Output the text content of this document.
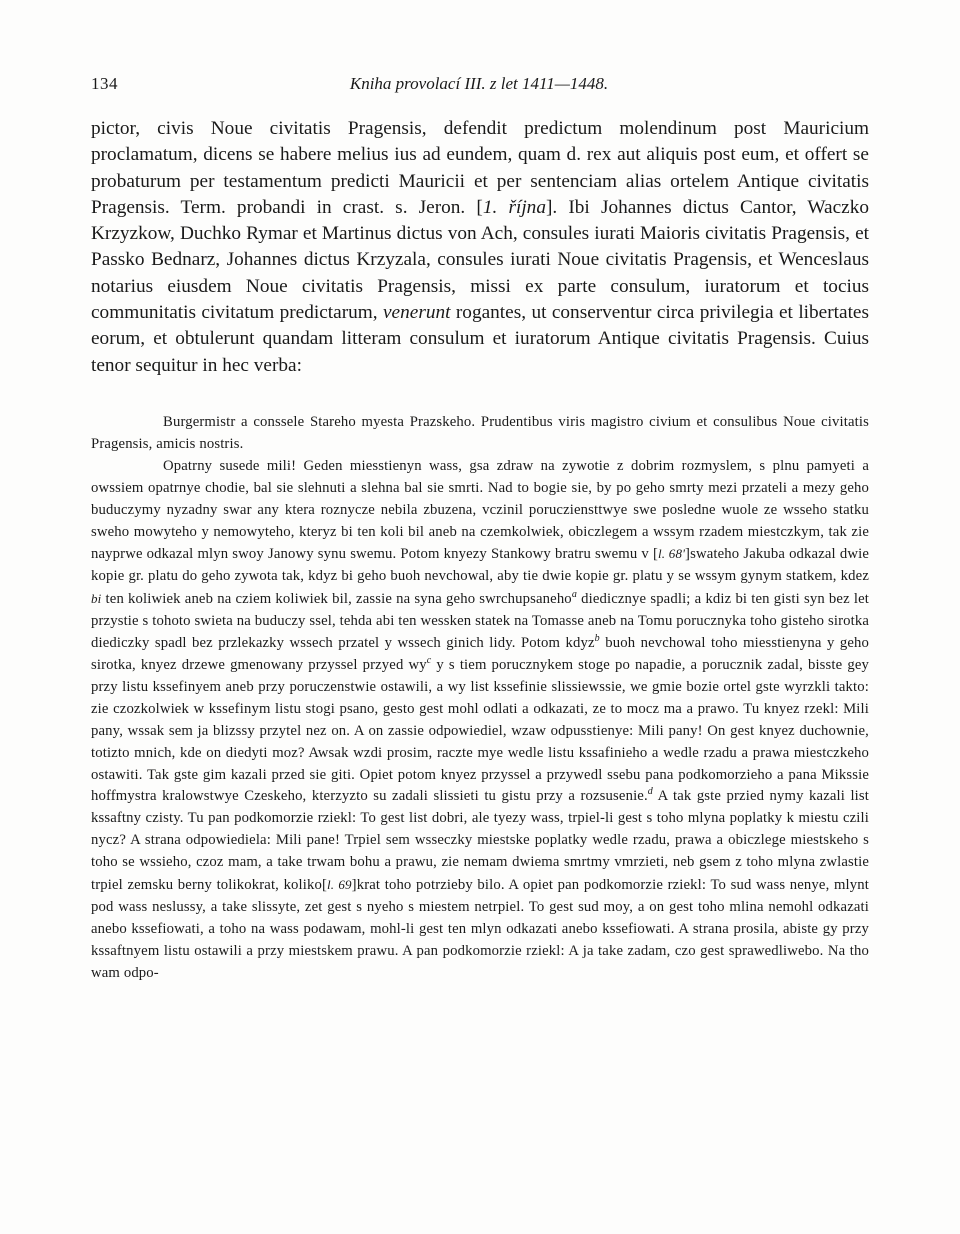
134	Kniha provolací III. z let 1411—1448.

pictor, civis Noue civitatis Pragensis, defendit predictum molendinum post Mauricium proclamatum, dicens se habere melius ius ad eundem, quam d. rex aut aliquis post eum, et offert se probaturum per testamentum predicti Mauricii et per sentenciam alias ortelem Antique civitatis Pragensis. Term. probandi in crast. s. Jeron. [1. října]. Ibi Johannes dictus Cantor, Waczko Krzyzkow, Duchko Rymar et Martinus dictus von Ach, consules iurati Maioris civitatis Pragensis, et Passko Bednarz, Johannes dictus Krzyzala, consules iurati Noue civitatis Pragensis, et Wenceslaus notarius eiusdem Noue civitatis Pragensis, missi ex parte consulum, iuratorum et tocius communitatis civitatum predictarum, venerunt rogantes, ut conserventur circa privilegia et libertates eorum, et obtulerunt quandam litteram consulum et iuratorum Antique civitatis Pragensis. Cuius tenor sequitur in hec verba:

Burgermistr a conssele Stareho myesta Prazskeho. Prudentibus viris magistro civium et consulibus Noue civitatis Pragensis, amicis nostris.

Opatrny susede mili! Geden miesstienyn wass, gsa zdraw na zywotie z dobrim rozmyslem, s plnu pamyeti a owssiem opatrnye chodie, bal sie slehnuti a slehna bal sie smrti. Nad to bogie sie, by po geho smrty mezi przateli a mezy geho buduczymy nyzadny swar any ktera roznycze nebila zbuzena, vczinil porucziensttwye swe posledne wuole ze wsseho statku sweho mowyteho y nemowyteho, kteryz bi ten koli bil aneb na czemkolwiek, obiczlegem a wssym rzadem miestczkym, tak zie nayprwe odkazal mlyn swoy Janowy synu swemu. Potom knyezy Stankowy bratru swemu v [l. 68']swateho Jakuba odkazal dwie kopie gr. platu do geho zywota tak, kdyz bi geho buoh nevchowal, aby tie dwie kopie gr. platu y se wssym gynym statkem, kdez bi ten koliwiek aneb na cziem koliwiek bil, zassie na syna geho swrchupsaneho$^a$ diedicznye spadli; a kdiz bi ten gisti syn bez let przystie s tohoto swieta na buduczy ssel, tehda abi ten wessken statek na Tomasse aneb na Tomu porucznyka toho gisteho sirotka diediczky spadl bez przlekazky wssech przatel y wssech ginich lidy. Potom kdyz$^b$ buoh nevchowal toho miesstienyna y geho sirotka, knyez drzewe gmenowany przyssel przyed $wy^c$ y s tiem porucznykem stoge po napadie, a porucznik zadal, bisste gey przy listu kssefinyem aneb przy poruczenstwie ostawili, a wy list kssefinie slissiewssie, we gmie bozie ortel gste wyrzkli takto: zie czozkolwiek w kssefinym listu stogi psano, gesto gest mohl odlati a odkazati, ze to mocz ma a prawo. Tu knyez rzekl: Mili pany, wssak sem ja blizssy przytel nez on. A on zassie odpowiediel, wzaw odpusstienye: Mili pany! On gest knyez duchownie, totizto mnich, kde on diedyti moz? Awsak wzdi prosim, raczte mye wedle listu kssafinieho a wedle rzadu a prawa miestczkeho ostawiti. Tak gste gim kazali przed sie giti. Opiet potom knyez przyssel a przywedl ssebu pana podkomorzieho a pana Mikssie hoffmystra kralowstwye Czeskeho, kterzyzto su zadali slissieti tu gistu przy a rozsusenie.$^d$ A tak gste przied nymy kazali list kssaftny czisty. Tu pan podkomorzie rziekl: To gest list dobri, ale tyezy wass, trpiel-li gest s toho mlyna poplatky k miestu czili nycz? A strana odpowiediela: Mili pane! Trpiel sem wsseczky miestske poplatky wedle rzadu, prawa a obiczlege miestskeho s toho se wssieho, czoz mam, a take trwam bohu a prawu, zie nemam dwiema smrtmy vmrzieti, neb gsem z toho mlyna zwlastie trpiel zemsku berny tolikokrat, koliko[l. 69]krat toho potrzieby bilo. A opiet pan podkomorzie rziekl: To sud wass nenye, mlynt pod wass neslussy, a take slissyte, zet gest s nyeho s miestem netrpiel. To gest sud moy, a on gest toho mlina nemohl odkazati anebo kssefiowati, a toho na wass podawam, mohl-li gest ten mlyn odkazati anebo kssefiowati. A strana prosila, abiste gy przy kssaftnyem listu ostawili a przy miestskem prawu. A pan podkomorzie rziekl: A ja take zadam, czo gest sprawedliwebo. Na tho wam odpo-
